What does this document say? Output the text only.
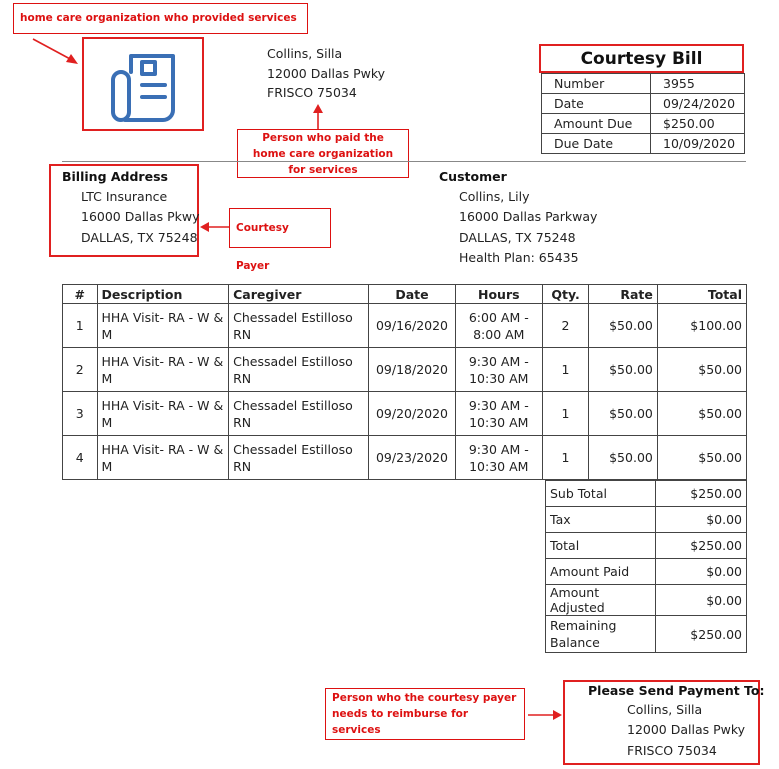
home care organization who provided services
Collins, Silla
12000 Dallas Pwky
FRISCO 75034
Person who paid the home care organization for services
Courtesy Bill
Number	3955
Date	09/24/2020
Amount Due	$250.00
Due Date	10/09/2020
Billing Address
LTC Insurance
16000 Dallas Pkwy
DALLAS, TX 75248
Courtesy Payer
Customer
Collins, Lily
16000 Dallas Parkway
DALLAS, TX 75248
Health Plan: 65435
#	Description	Caregiver	Date	Hours	Qty.	Rate	Total
1	HHA Visit- RA - W & M	Chessadel Estilloso RN	09/16/2020	6:00 AM - 8:00 AM	2	$50.00	$100.00
2	HHA Visit- RA - W & M	Chessadel Estilloso RN	09/18/2020	9:30 AM - 10:30 AM	1	$50.00	$50.00
3	HHA Visit- RA - W & M	Chessadel Estilloso RN	09/20/2020	9:30 AM - 10:30 AM	1	$50.00	$50.00
4	HHA Visit- RA - W & M	Chessadel Estilloso RN	09/23/2020	9:30 AM - 10:30 AM	1	$50.00	$50.00
Sub Total	$250.00
Tax	$0.00
Total	$250.00
Amount Paid	$0.00
Amount Adjusted	$0.00
Remaining Balance	$250.00
Person who the courtesy payer needs to reimburse for services
Please Send Payment To:
Collins, Silla
12000 Dallas Pwky
FRISCO 75034
